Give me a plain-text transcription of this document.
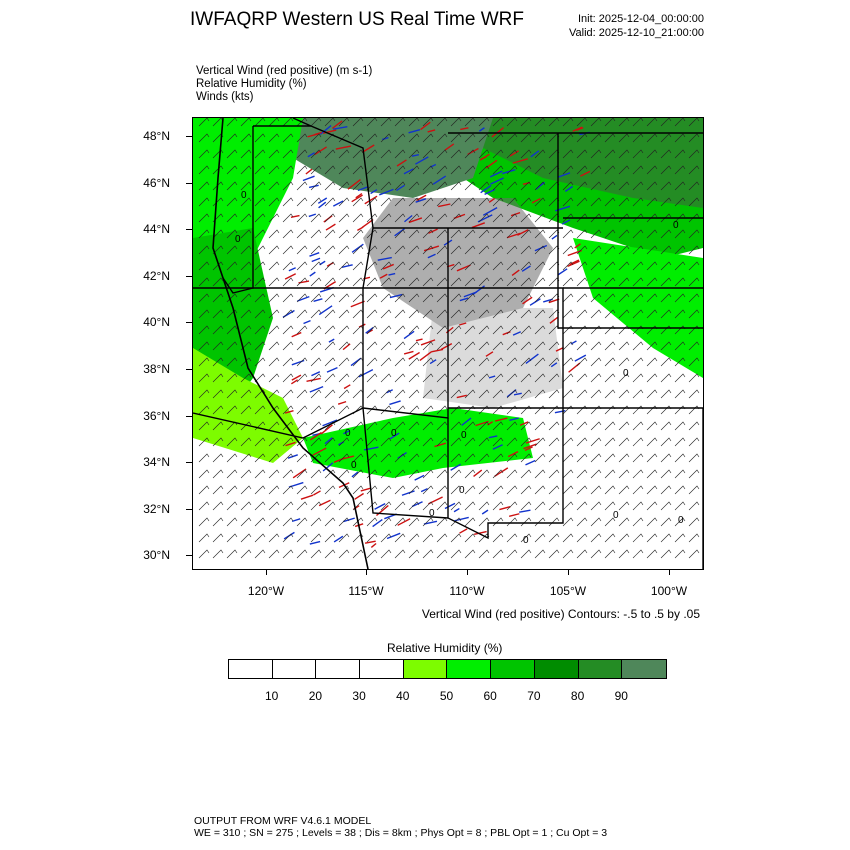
IWFAQRP Western US Real Time WRF	Init: 2025-12-04_00:00:00
Valid: 2025-12-10_21:00:00
Vertical Wind (red positive) (m s-1)
Relative Humidity (%)
Winds (kts)
0
0
0
0
0
0
0
0
0	0
0
0
0
48°N
46°N
44°N
42°N
40°N
38°N
36°N
34°N
32°N
30°N
120°W	115°W	110°W	105°W	100°W
Vertical Wind (red positive) Contours: -.5 to .5 by .05
Relative Humidity (%)
10	20	30	40	50	60	70	80	90
OUTPUT FROM WRF V4.6.1 MODEL
WE = 310 ; SN = 275 ; Levels = 38 ; Dis = 8km ; Phys Opt = 8 ; PBL Opt = 1 ; Cu Opt = 3
